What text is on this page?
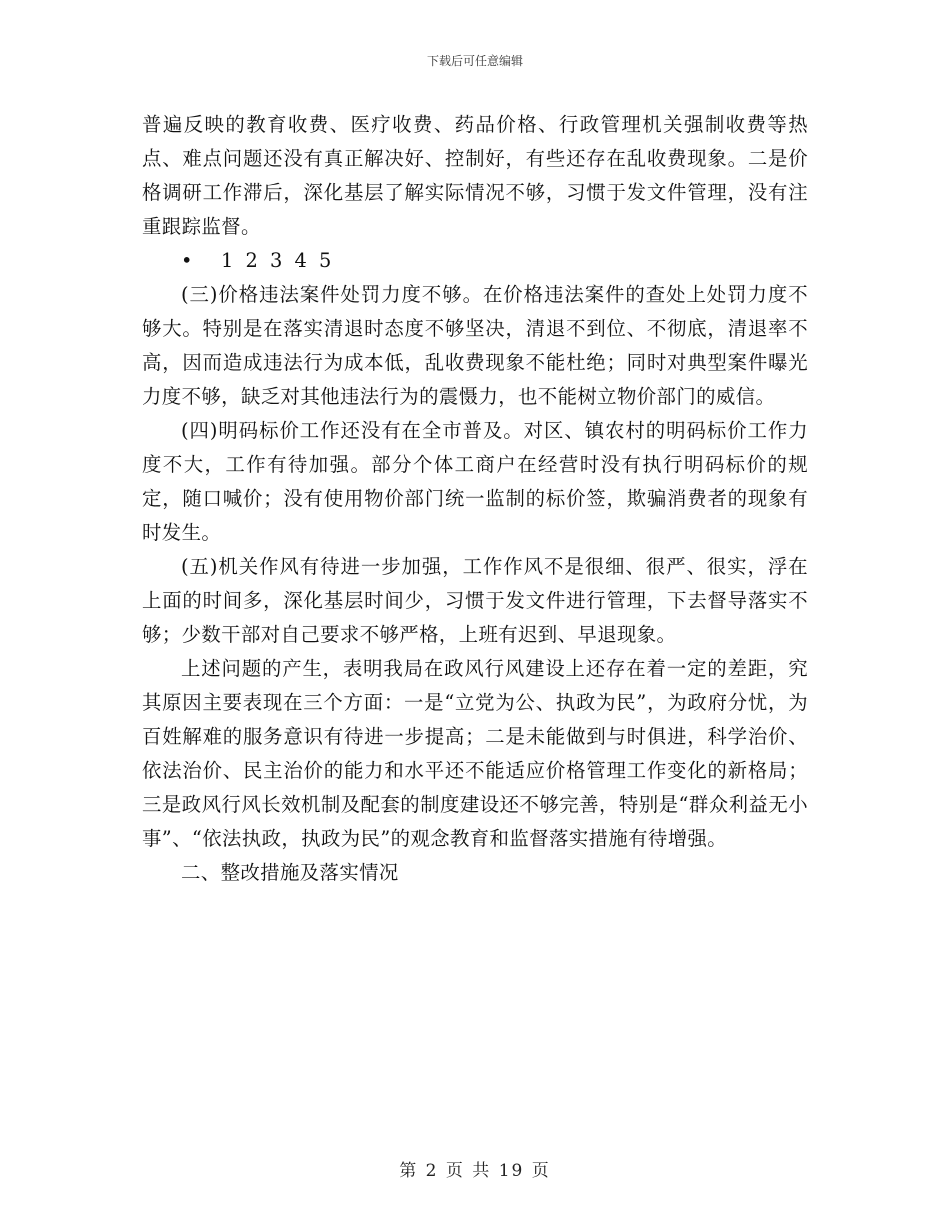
下载后可任意编辑

普遍反映的教育收费、医疗收费、药品价格、行政管理机关强制收费等热点、难点问题还没有真正解决好、控制好，有些还存在乱收费现象。二是价格调研工作滞后，深化基层了解实际情况不够，习惯于发文件管理，没有注重跟踪监督。

• 1 2 3 4 5

(三)价格违法案件处罚力度不够。在价格违法案件的查处上处罚力度不够大。特别是在落实清退时态度不够坚决，清退不到位、不彻底，清退率不高，因而造成违法行为成本低，乱收费现象不能杜绝；同时对典型案件曝光力度不够，缺乏对其他违法行为的震慑力，也不能树立物价部门的威信。

(四)明码标价工作还没有在全市普及。对区、镇农村的明码标价工作力度不大，工作有待加强。部分个体工商户在经营时没有执行明码标价的规定，随口喊价；没有使用物价部门统一监制的标价签，欺骗消费者的现象有时发生。

(五)机关作风有待进一步加强，工作作风不是很细、很严、很实，浮在上面的时间多，深化基层时间少，习惯于发文件进行管理，下去督导落实不够；少数干部对自己要求不够严格，上班有迟到、早退现象。

上述问题的产生，表明我局在政风行风建设上还存在着一定的差距，究其原因主要表现在三个方面：一是“立党为公、执政为民”，为政府分忧，为百姓解难的服务意识有待进一步提高；二是未能做到与时俱进，科学治价、依法治价、民主治价的能力和水平还不能适应价格管理工作变化的新格局；三是政风行风长效机制及配套的制度建设还不够完善，特别是“群众利益无小事”、“依法执政，执政为民”的观念教育和监督落实措施有待增强。

二、整改措施及落实情况

第 2 页 共 19 页
